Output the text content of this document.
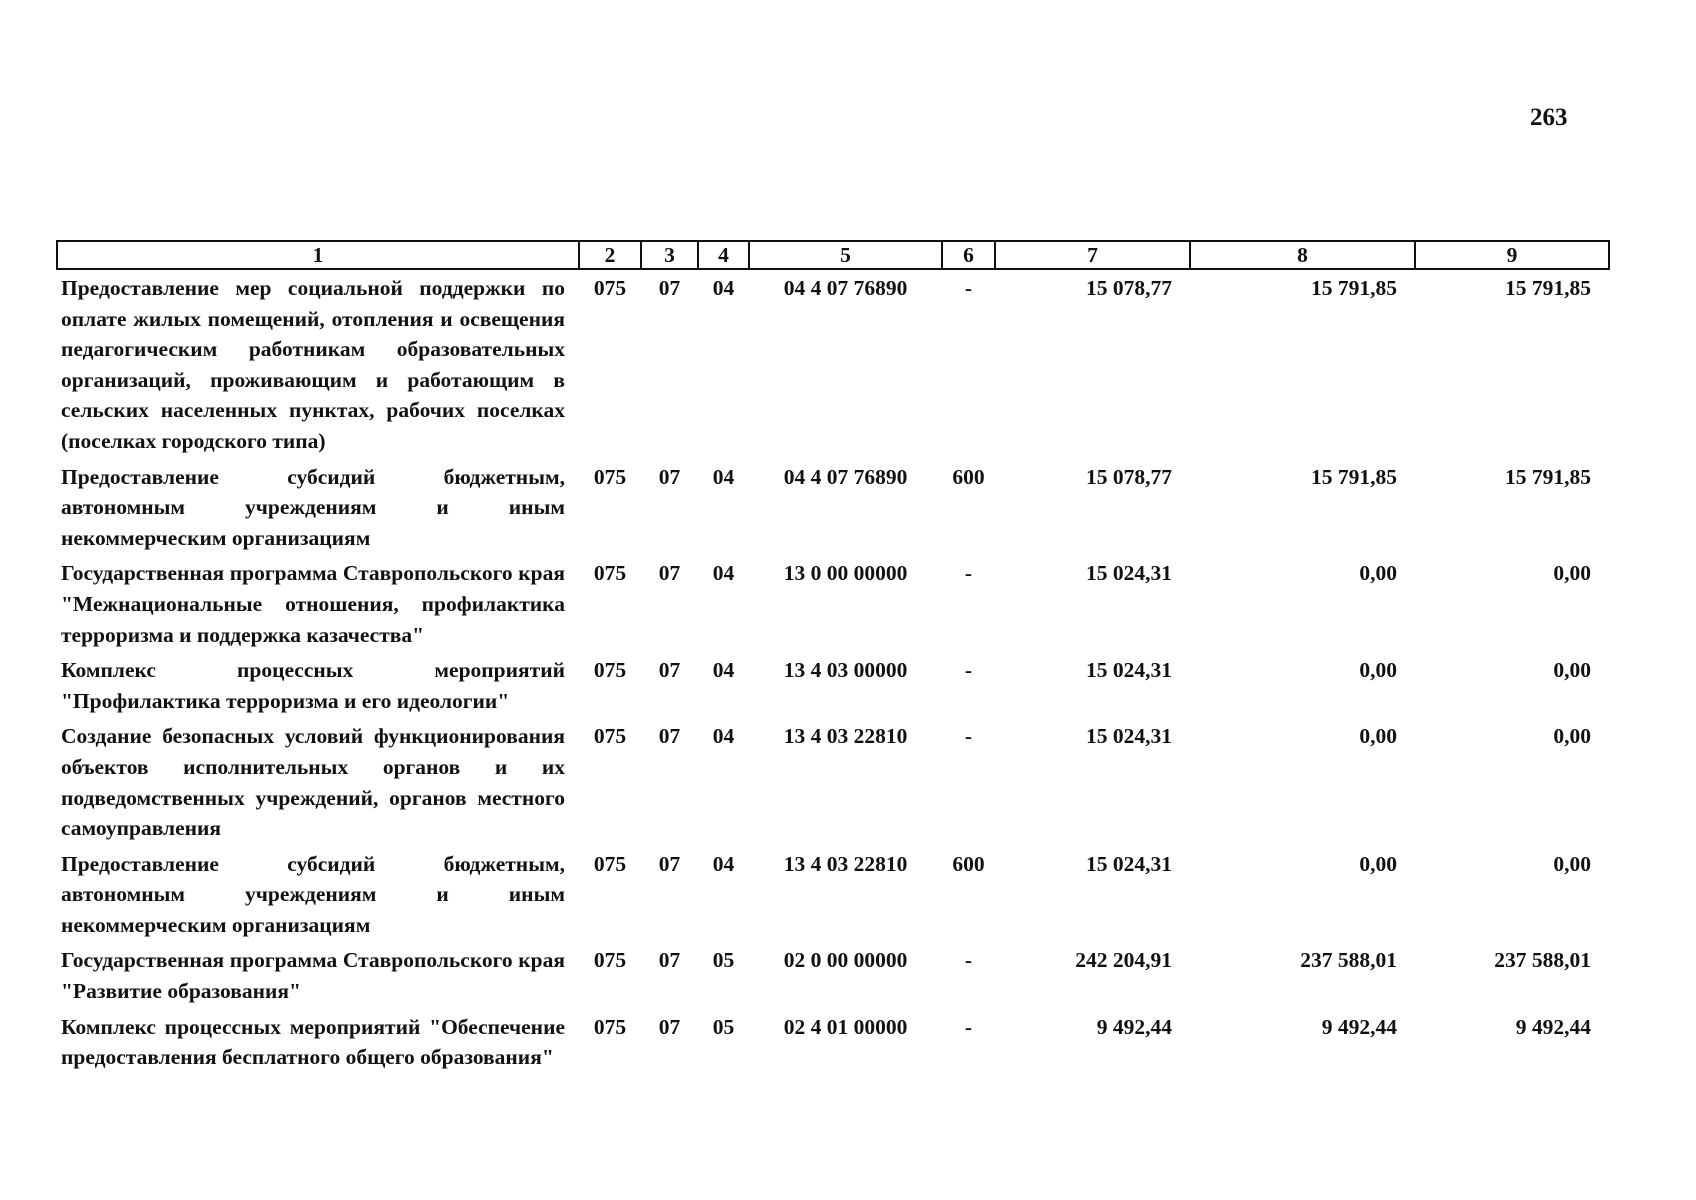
263
1	2	3	4	5	6	7	8	9
Предоставление мер социальной поддержки по оплате жилых помещений, отопления и освещения педагогическим работникам образовательных организаций, проживающим и работающим в сельских населенных пунктах, рабочих поселках (поселках городского типа)	075	07	04	04 4 07 76890	-	15 078,77	15 791,85	15 791,85
Предоставление субсидий бюджетным, автономным учреждениям и иным некоммерческим организациям	075	07	04	04 4 07 76890	600	15 078,77	15 791,85	15 791,85
Государственная программа Ставропольского края "Межнациональные отношения, профилактика терроризма и поддержка казачества"	075	07	04	13 0 00 00000	-	15 024,31	0,00	0,00
Комплекс процессных мероприятий "Профилактика терроризма и его идеологии"	075	07	04	13 4 03 00000	-	15 024,31	0,00	0,00
Создание безопасных условий функционирования объектов исполнительных органов и их подведомственных учреждений, органов местного самоуправления	075	07	04	13 4 03 22810	-	15 024,31	0,00	0,00
Предоставление субсидий бюджетным, автономным учреждениям и иным некоммерческим организациям	075	07	04	13 4 03 22810	600	15 024,31	0,00	0,00
Государственная программа Ставропольского края "Развитие образования"	075	07	05	02 0 00 00000	-	242 204,91	237 588,01	237 588,01
Комплекс процессных мероприятий "Обеспечение предоставления бесплатного общего образования"	075	07	05	02 4 01 00000	-	9 492,44	9 492,44	9 492,44
